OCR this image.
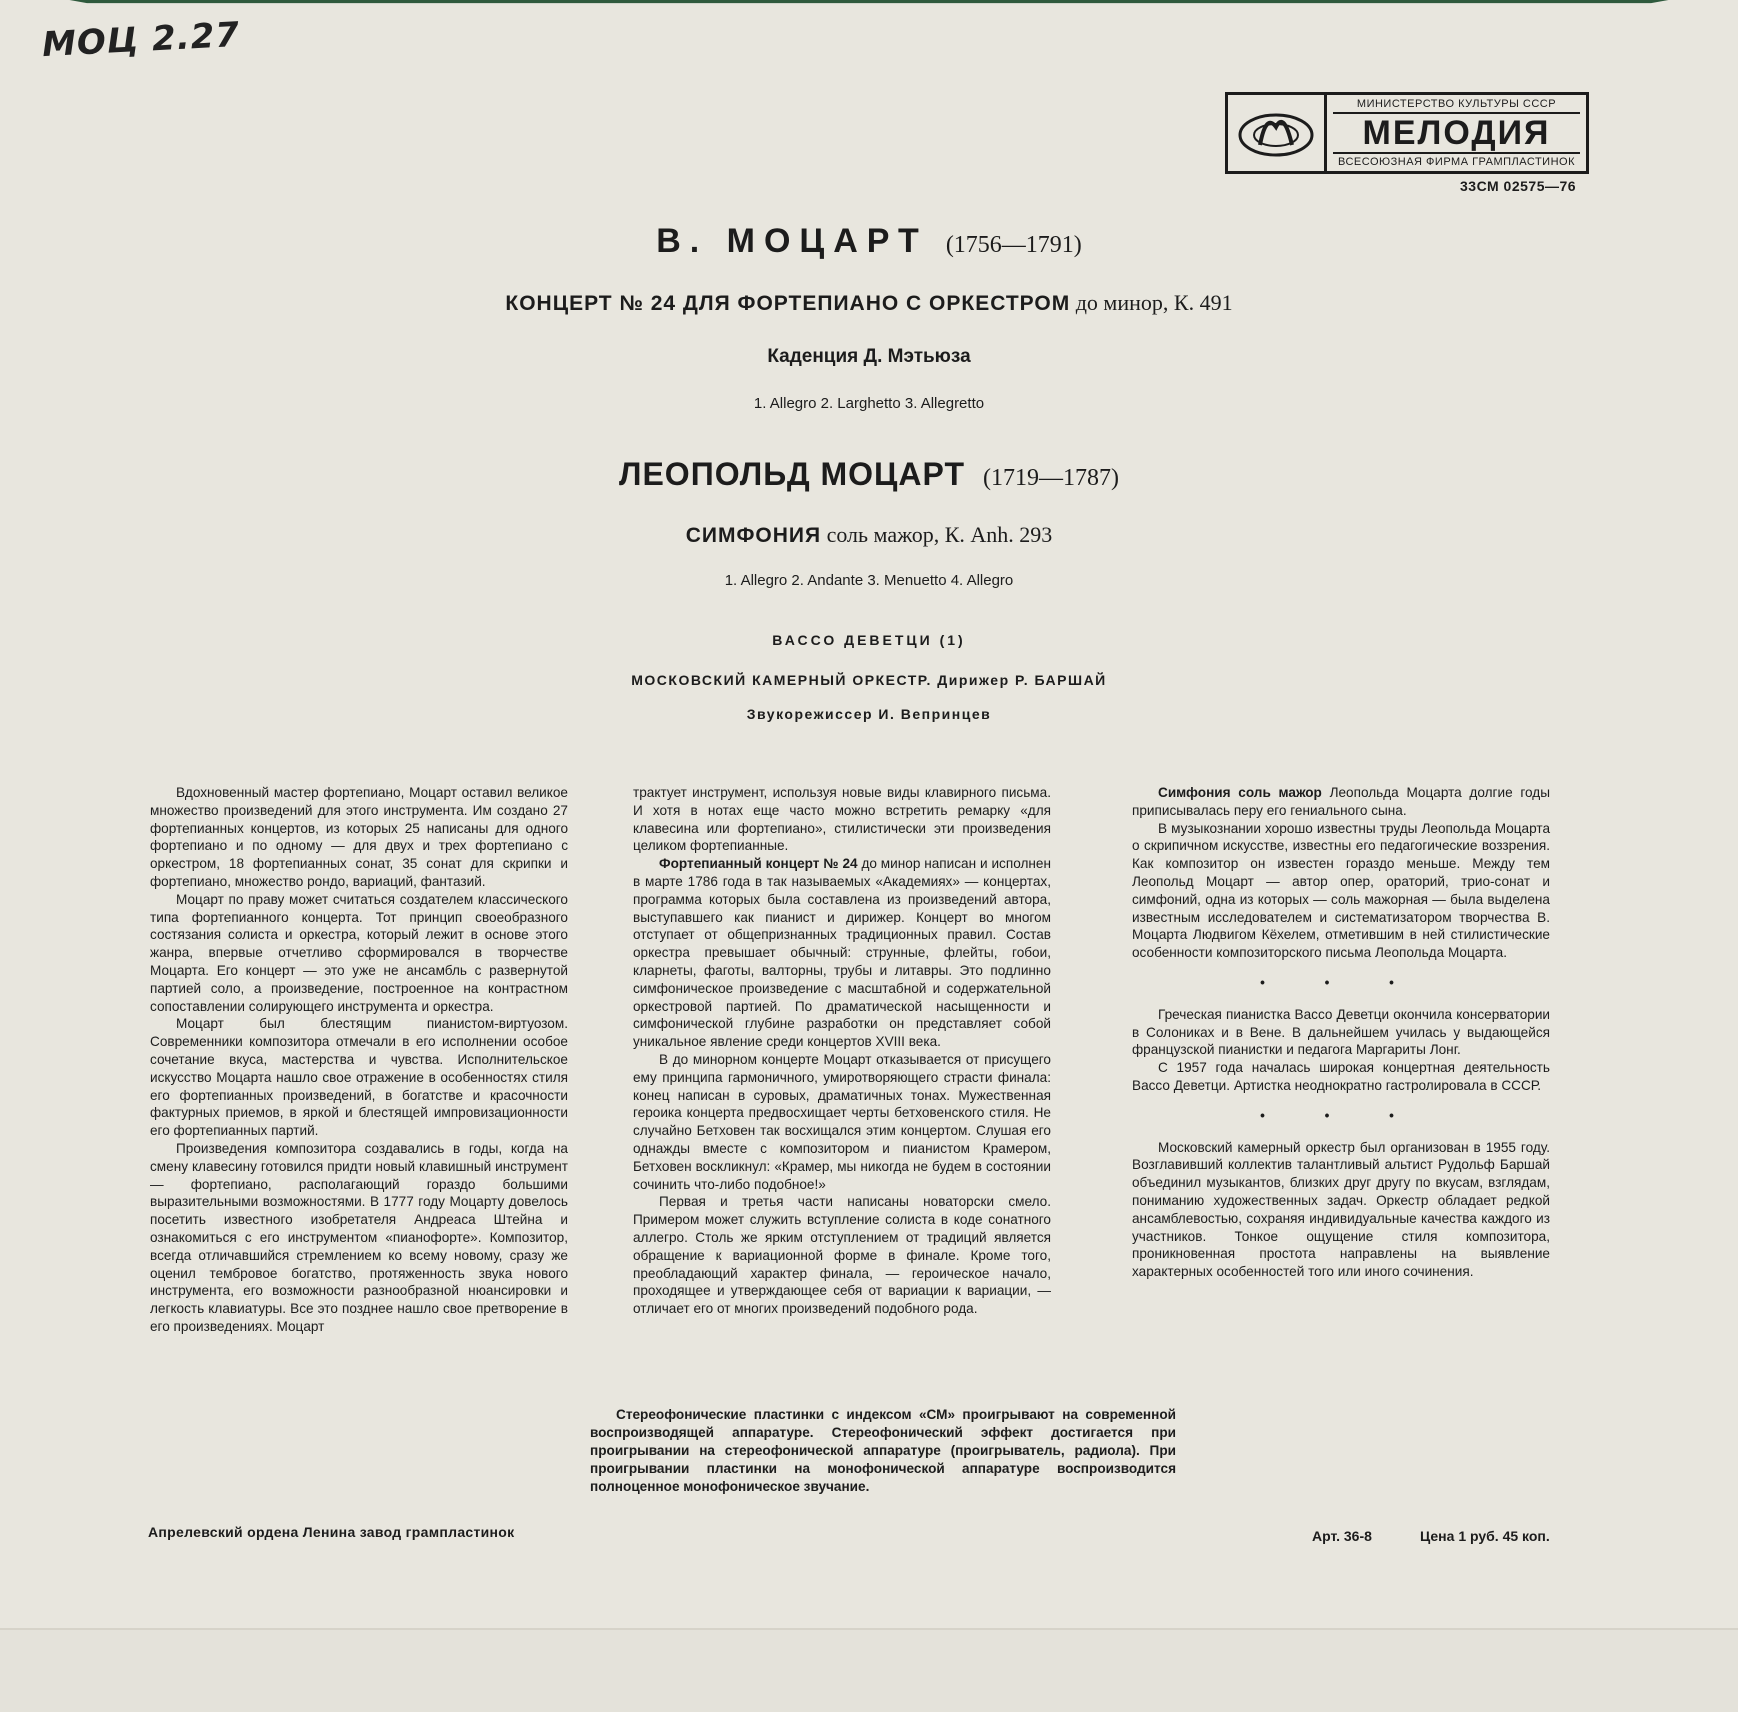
МОЦ 2.27
МИНИСТЕРСТВО КУЛЬТУРЫ СССР
МЕЛОДИЯ
ВСЕСОЮЗНАЯ ФИРМА ГРАМПЛАСТИНОК
33СМ 02575—76
В. МОЦАРТ (1756—1791)
КОНЦЕРТ № 24 ДЛЯ ФОРТЕПИАНО С ОРКЕСТРОМ до минор, К. 491
Каденция Д. Мэтьюза
1. Allegro 2. Larghetto 3. Allegretto
ЛЕОПОЛЬД МОЦАРТ (1719—1787)
СИМФОНИЯ соль мажор, К. Anh. 293
1. Allegro 2. Andante 3. Menuetto 4. Allegro
ВАССО ДЕВЕТЦИ (1)
МОСКОВСКИЙ КАМЕРНЫЙ ОРКЕСТР. Дирижер Р. БАРШАЙ
Звукорежиссер И. Вепринцев

Вдохновенный мастер фортепиано, Моцарт оставил великое множество произведений для этого инструмента. Им создано 27 фортепианных концертов, из которых 25 написаны для одного фортепиано и по одному — для двух и трех фортепиано с оркестром, 18 фортепианных сонат, 35 сонат для скрипки и фортепиано, множество рондо, вариаций, фантазий.

Моцарт по праву может считаться создателем классического типа фортепианного концерта. Тот принцип своеобразного состязания солиста и оркестра, который лежит в основе этого жанра, впервые отчетливо сформировался в творчестве Моцарта. Его концерт — это уже не ансамбль с развернутой партией соло, а произведение, построенное на контрастном сопоставлении солирующего инструмента и оркестра.

Моцарт был блестящим пианистом-виртуозом. Современники композитора отмечали в его исполнении особое сочетание вкуса, мастерства и чувства. Исполнительское искусство Моцарта нашло свое отражение в особенностях стиля его фортепианных произведений, в богатстве и красочности фактурных приемов, в яркой и блестящей импровизационности его фортепианных партий.

Произведения композитора создавались в годы, когда на смену клавесину готовился придти новый клавишный инструмент — фортепиано, располагающий гораздо большими выразительными возможностями. В 1777 году Моцарту довелось посетить известного изобретателя Андреаса Штейна и ознакомиться с его инструментом «пианофорте». Композитор, всегда отличавшийся стремлением ко всему новому, сразу же оценил тембровое богатство, протяженность звука нового инструмента, его возможности разнообразной нюансировки и легкость клавиатуры. Все это позднее нашло свое претворение в его произведениях. Моцарт

трактует инструмент, используя новые виды клавирного письма. И хотя в нотах еще часто можно встретить ремарку «для клавесина или фортепиано», стилистически эти произведения целиком фортепианные.

Фортепианный концерт № 24 до минор написан и исполнен в марте 1786 года в так называемых «Академиях» — концертах, программа которых была составлена из произведений автора, выступавшего как пианист и дирижер. Концерт во многом отступает от общепризнанных традиционных правил. Состав оркестра превышает обычный: струнные, флейты, гобои, кларнеты, фаготы, валторны, трубы и литавры. Это подлинно симфоническое произведение с масштабной и содержательной оркестровой партией. По драматической насыщенности и симфонической глубине разработки он представляет собой уникальное явление среди концертов XVIII века.

В до минорном концерте Моцарт отказывается от присущего ему принципа гармоничного, умиротворяющего страсти финала: конец написан в суровых, драматичных тонах. Мужественная героика концерта предвосхищает черты бетховенского стиля. Не случайно Бетховен так восхищался этим концертом. Слушая его однажды вместе с композитором и пианистом Крамером, Бетховен воскликнул: «Крамер, мы никогда не будем в состоянии сочинить что-либо подобное!»

Первая и третья части написаны новаторски смело. Примером может служить вступление солиста в коде сонатного аллегро. Столь же ярким отступлением от традиций является обращение к вариационной форме в финале. Кроме того, преобладающий характер финала, — героическое начало, проходящее и утверждающее себя от вариации к вариации, — отличает его от многих произведений подобного рода.

Симфония соль мажор Леопольда Моцарта долгие годы приписывалась перу его гениального сына.

В музыкознании хорошо известны труды Леопольда Моцарта о скрипичном искусстве, известны его педагогические воззрения. Как композитор он известен гораздо меньше. Между тем Леопольд Моцарт — автор опер, ораторий, трио-сонат и симфоний, одна из которых — соль мажорная — была выделена известным исследователем и систематизатором творчества В. Моцарта Людвигом Кёхелем, отметившим в ней стилистические особенности композиторского письма Леопольда Моцарта.

• • •

Греческая пианистка Вассо Деветци окончила консерватории в Солониках и в Вене. В дальнейшем училась у выдающейся французской пианистки и педагога Маргариты Лонг.

С 1957 года началась широкая концертная деятельность Вассо Деветци. Артистка неоднократно гастролировала в СССР.

• • •

Московский камерный оркестр был организован в 1955 году. Возглавивший коллектив талантливый альтист Рудольф Баршай объединил музыкантов, близких друг другу по вкусам, взглядам, пониманию художественных задач. Оркестр обладает редкой ансамблевостью, сохраняя индивидуальные качества каждого из участников. Тонкое ощущение стиля композитора, проникновенная простота направлены на выявление характерных особенностей того или иного сочинения.

Стереофонические пластинки с индексом «СМ» проигрывают на современной воспроизводящей аппаратуре. Стереофонический эффект достигается при проигрывании на стереофонической аппаратуре (проигрыватель, радиола). При проигрывании пластинки на монофонической аппаратуре воспроизводится полноценное монофоническое звучание.

Апрелевский ордена Ленина завод грампластинок	Арт. 36-8	Цена 1 руб. 45 коп.
